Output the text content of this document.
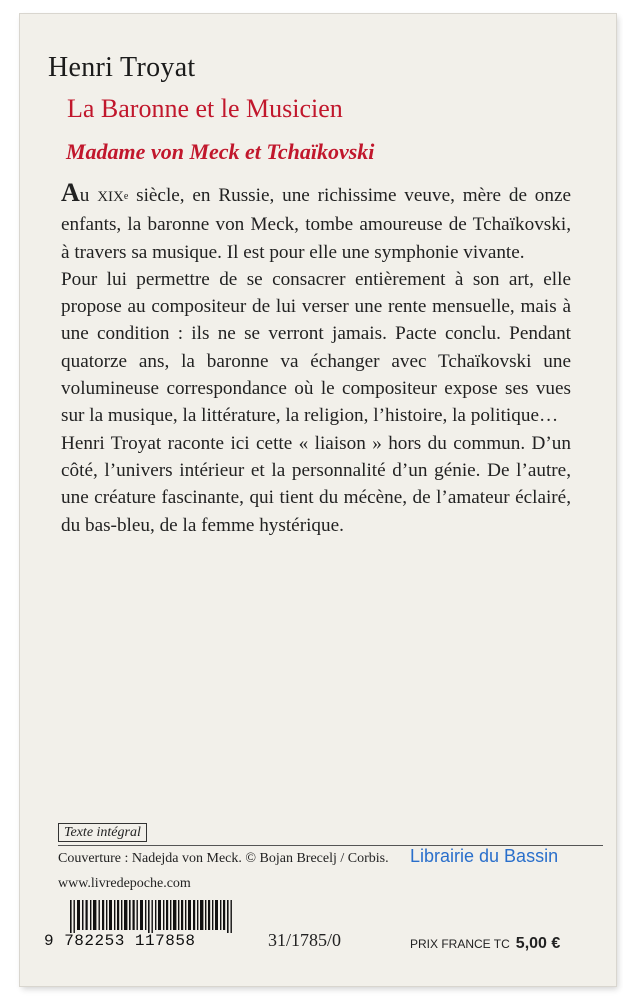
Henri Troyat
La Baronne et le Musicien
Madame von Meck et Tchaïkovski

Au XIXe siècle, en Russie, une richissime veuve, mère de onze enfants, la baronne von Meck, tombe amoureuse de Tchaïkovski, à travers sa musique. Il est pour elle une symphonie vivante.

Pour lui permettre de se consacrer entièrement à son art, elle propose au compositeur de lui verser une rente mensuelle, mais à une condition : ils ne se verront jamais. Pacte conclu. Pendant quatorze ans, la baronne va échanger avec Tchaïkovski une volumineuse correspondance où le compositeur expose ses vues sur la musique, la littérature, la religion, l’histoire, la politique…

Henri Troyat raconte ici cette « liaison » hors du commun. D’un côté, l’univers intérieur et la personnalité d’un génie. De l’autre, une créature fascinante, qui tient du mécène, de l’amateur éclairé, du bas-bleu, de la femme hystérique.

Texte intégral
Couverture : Nadejda von Meck. © Bojan Brecelj / Corbis. Librairie du Bassin
www.livredepoche.com
9 782253 117858	31/1785/0	PRIX FRANCE TC 5,00 €
